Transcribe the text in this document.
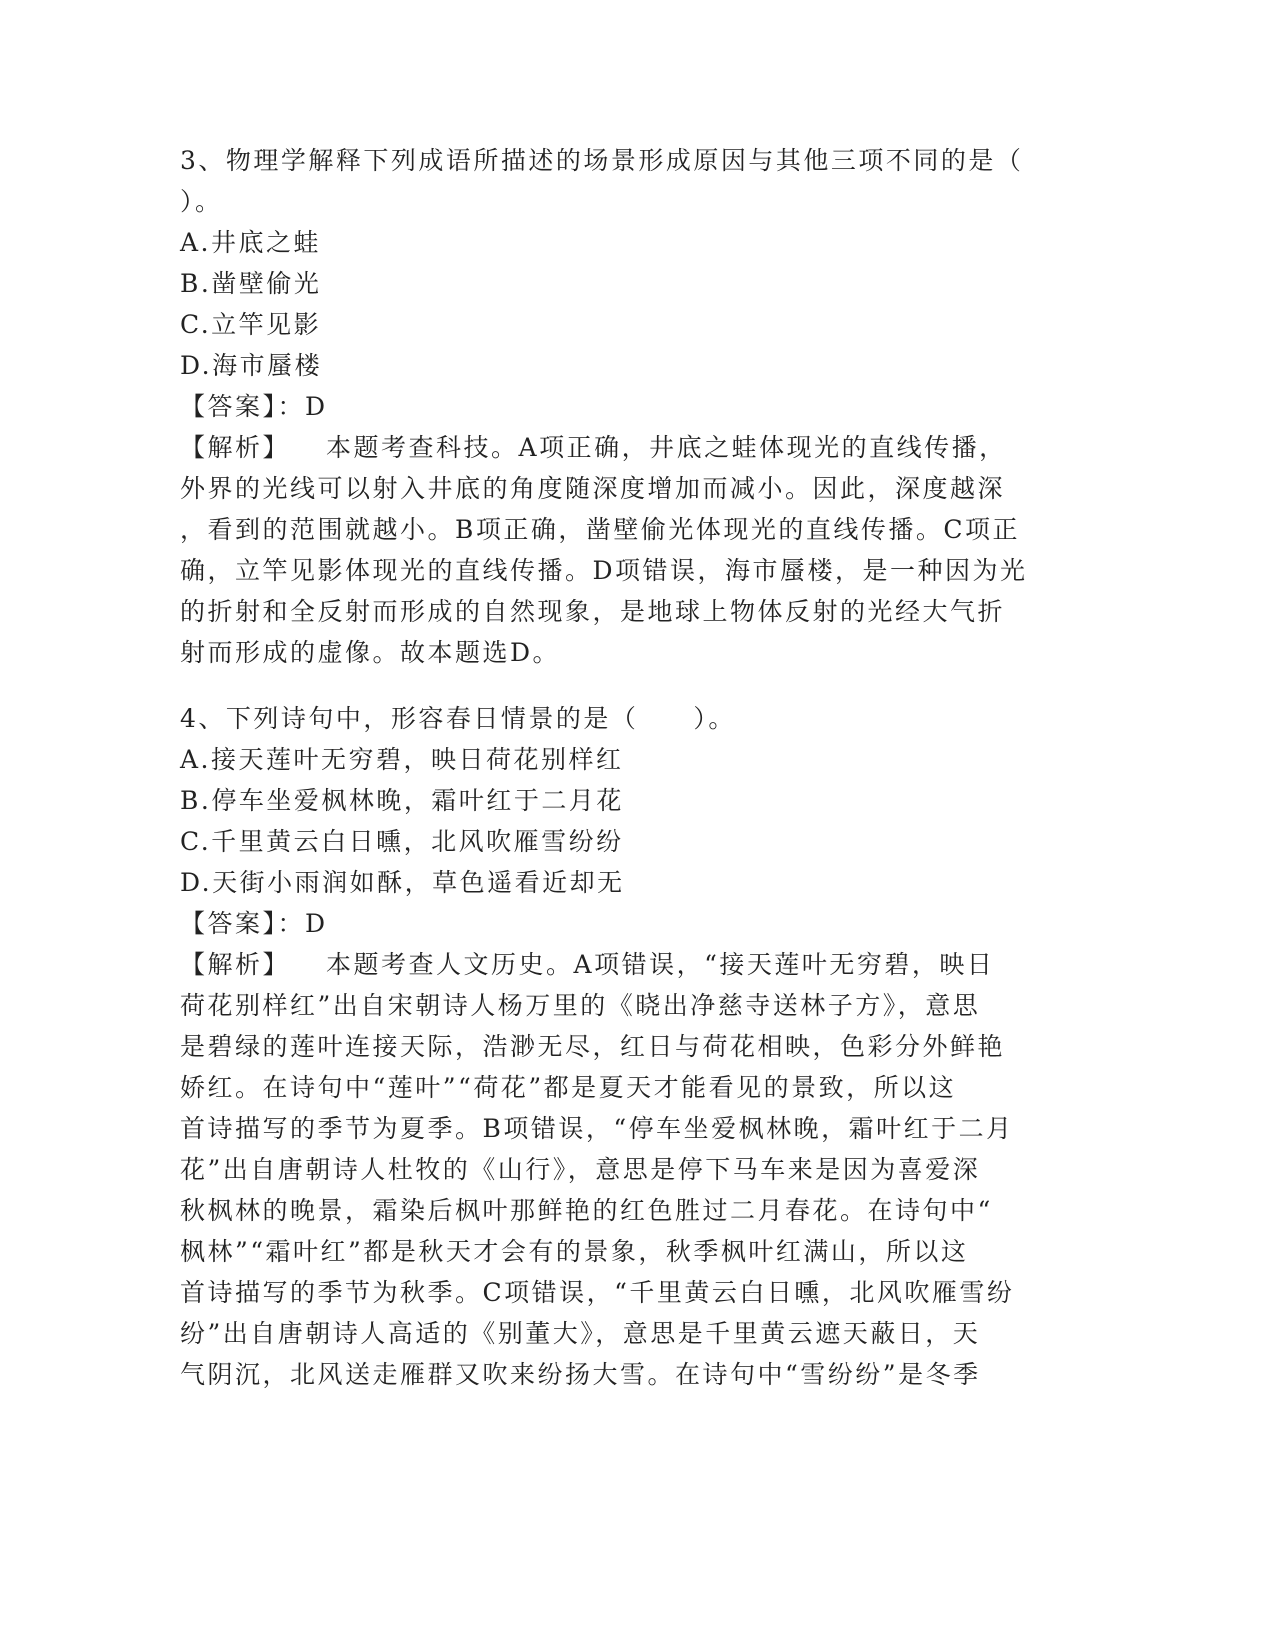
3、物理学解释下列成语所描述的场景形成原因与其他三项不同的是（
）。
A.井底之蛙
B.凿壁偷光
C.立竿见影
D.海市蜃楼
【答案】：D
【解析】 本题考查科技。A项正确，井底之蛙体现光的直线传播，
外界的光线可以射入井底的角度随深度增加而减小。因此，深度越深
，看到的范围就越小。B项正确，凿壁偷光体现光的直线传播。C项正
确，立竿见影体现光的直线传播。D项错误，海市蜃楼，是一种因为光
的折射和全反射而形成的自然现象，是地球上物体反射的光经大气折
射而形成的虚像。故本题选D。
4、下列诗句中，形容春日情景的是（　　）。
A.接天莲叶无穷碧，映日荷花别样红
B.停车坐爱枫林晚，霜叶红于二月花
C.千里黄云白日曛，北风吹雁雪纷纷
D.天街小雨润如酥，草色遥看近却无
【答案】：D
【解析】 本题考查人文历史。A项错误，“接天莲叶无穷碧，映日
荷花别样红”出自宋朝诗人杨万里的《晓出净慈寺送林子方》，意思
是碧绿的莲叶连接天际，浩渺无尽，红日与荷花相映，色彩分外鲜艳
娇红。在诗句中“莲叶”“荷花”都是夏天才能看见的景致，所以这
首诗描写的季节为夏季。B项错误，“停车坐爱枫林晚，霜叶红于二月
花”出自唐朝诗人杜牧的《山行》，意思是停下马车来是因为喜爱深
秋枫林的晚景，霜染后枫叶那鲜艳的红色胜过二月春花。在诗句中“
枫林”“霜叶红”都是秋天才会有的景象，秋季枫叶红满山，所以这
首诗描写的季节为秋季。C项错误，“千里黄云白日曛，北风吹雁雪纷
纷”出自唐朝诗人高适的《别董大》，意思是千里黄云遮天蔽日，天
气阴沉，北风送走雁群又吹来纷扬大雪。在诗句中“雪纷纷”是冬季
